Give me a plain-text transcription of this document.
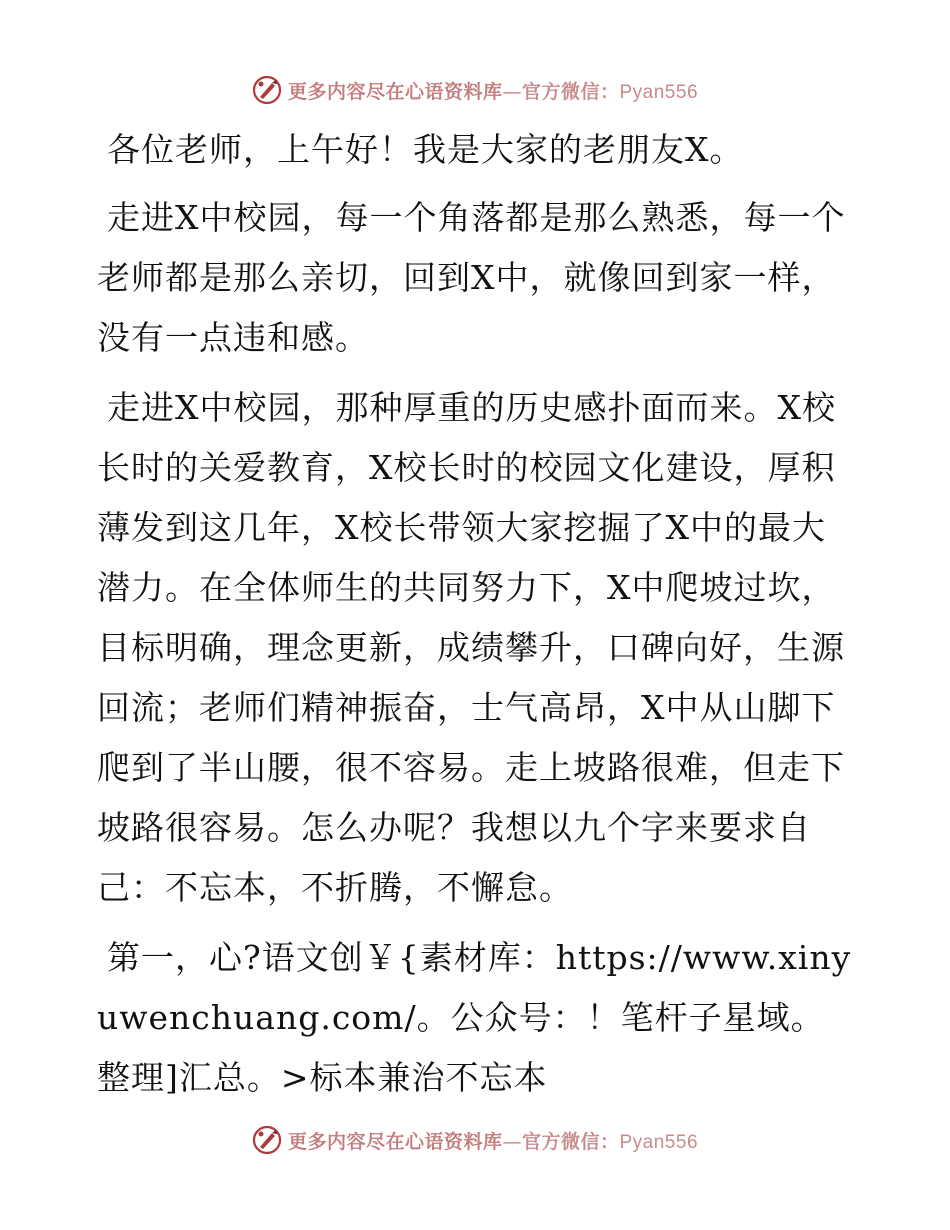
更多内容尽在心语资料库—官方微信：Pyan556

各位老师，上午好！我是大家的老朋友X。

走进X中校园，每一个角落都是那么熟悉，每一个老师都是那么亲切，回到X中，就像回到家一样，没有一点违和感。

走进X中校园，那种厚重的历史感扑面而来。X校长时的关爱教育，X校长时的校园文化建设，厚积薄发到这几年，X校长带领大家挖掘了X中的最大潜力。在全体师生的共同努力下，X中爬坡过坎，目标明确，理念更新，成绩攀升，口碑向好，生源回流；老师们精神振奋，士气高昂，X中从山脚下爬到了半山腰，很不容易。走上坡路很难，但走下坡路很容易。怎么办呢？我想以九个字来要求自己：不忘本，不折腾，不懈怠。

第一，心?语文创￥{素材库：https://www.xinyuwenchuang.com/。公众号：！笔杆子星域。整理]汇总。>标本兼治不忘本

更多内容尽在心语资料库—官方微信：Pyan556
